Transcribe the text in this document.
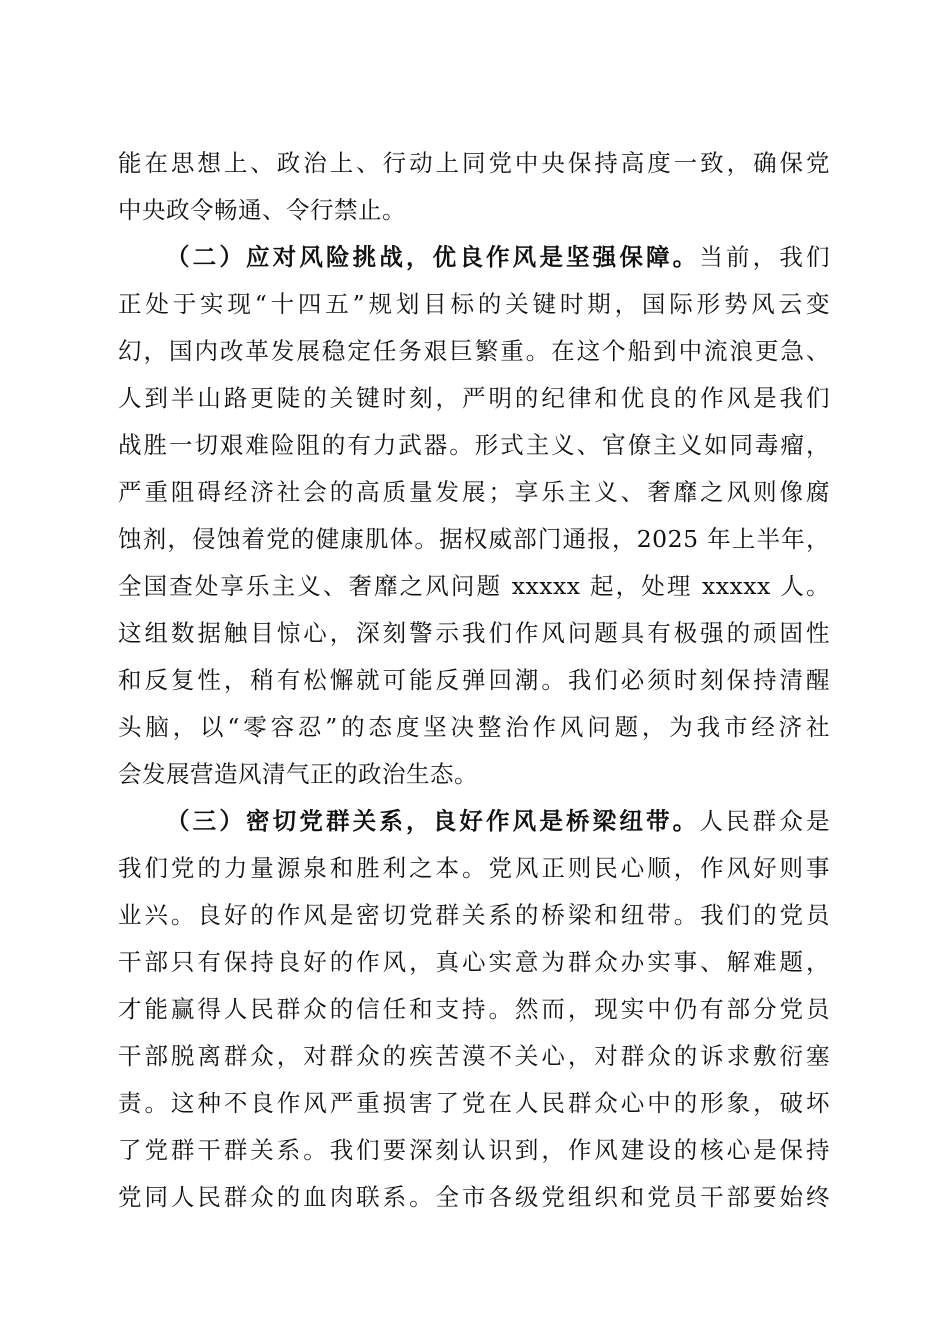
能在思想上、政治上、行动上同党中央保持高度一致，确保党
中央政令畅通、令行禁止。
（二）应对风险挑战，优良作风是坚强保障。当前，我们
正处于实现“十四五”规划目标的关键时期，国际形势风云变
幻，国内改革发展稳定任务艰巨繁重。在这个船到中流浪更急、
人到半山路更陡的关键时刻，严明的纪律和优良的作风是我们
战胜一切艰难险阻的有力武器。形式主义、官僚主义如同毒瘤，
严重阻碍经济社会的高质量发展；享乐主义、奢靡之风则像腐
蚀剂，侵蚀着党的健康肌体。据权威部门通报，2025 年上半年，
全国查处享乐主义、奢靡之风问题 xxxxx 起，处理 xxxxx 人。
这组数据触目惊心，深刻警示我们作风问题具有极强的顽固性
和反复性，稍有松懈就可能反弹回潮。我们必须时刻保持清醒
头脑，以“零容忍”的态度坚决整治作风问题，为我市经济社
会发展营造风清气正的政治生态。
（三）密切党群关系，良好作风是桥梁纽带。人民群众是
我们党的力量源泉和胜利之本。党风正则民心顺，作风好则事
业兴。良好的作风是密切党群关系的桥梁和纽带。我们的党员
干部只有保持良好的作风，真心实意为群众办实事、解难题，
才能赢得人民群众的信任和支持。然而，现实中仍有部分党员
干部脱离群众，对群众的疾苦漠不关心，对群众的诉求敷衍塞
责。这种不良作风严重损害了党在人民群众心中的形象，破坏
了党群干群关系。我们要深刻认识到，作风建设的核心是保持
党同人民群众的血肉联系。全市各级党组织和党员干部要始终
